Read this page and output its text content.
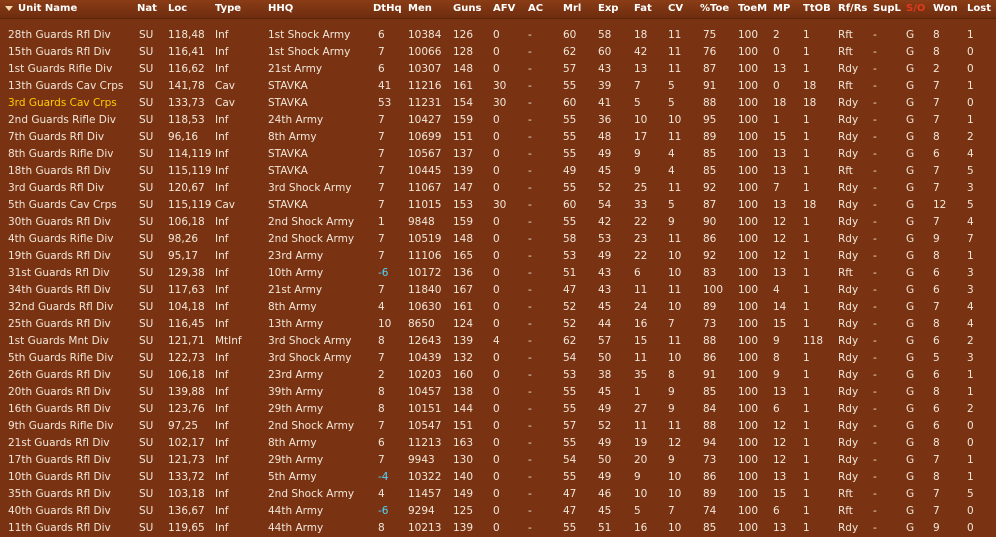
Unit Name	Nat Loc	Type	HHQ	DtHq Men Guns AFV AC Mrl Exp Fat CV %Toe ToeM MP TtOB Rf/Rs SupL S/O Won Lost
28th Guards Rfl Div	SU 118,48 Inf	1st Shock Army	6 10384 126 0	-	60 58 18 11 75 100 2 1	Rft -	G 8	1
15th Guards Rfl Div	SU 116,41 Inf	1st Shock Army	7 10066 128 0	-	62 60 42 11 76 100 0 1	Rft -	G 8	0
1st Guards Rifle Div	SU 116,62 Inf	21st Army	6 10307 148 0	-	57 43 13 11 87 100 13 1	Rdy -	G 2	0
13th Guards Cav Crps SU 141,78 Cav	STAVKA	41 11216 161 30 -	55 39 7	5	91 100 0 18 Rft -	G 7	1
3rd Guards Cav Crps SU 133,73 Cav	STAVKA	53 11231 154 30 -	60 41 5	5	88 100 18 18 Rdy -	G 7	0
2nd Guards Rifle Div SU 118,53 Inf	24th Army	7 10427 159 0	-	55 36 10 10 95 100 1 1	Rdy -	G 7	1
7th Guards Rfl Div	SU 96,16 Inf	8th Army	7 10699 151 0	-	55 48 17 11 89 100 15 1	Rdy -	G 8	2
8th Guards Rifle Div SU 114,119 Inf	STAVKA	7 10567 137 0	-	55 49 9	4	85 100 13 1	Rdy -	G 6	4
18th Guards Rfl Div	SU 115,119 Inf	STAVKA	7 10445 139 0	-	49 45 9	4	85 100 13 1	Rft -	G 7	5
3rd Guards Rfl Div	SU 120,67 Inf	3rd Shock Army	7 11067 147 0	-	55 52 25 11 92 100 7 1	Rdy -	G 7	3
5th Guards Cav Crps SU 115,119 Cav	STAVKA	7 11015 153 30 -	60 54 33 5	87 100 13 18 Rdy -	G 12 5
30th Guards Rfl Div	SU 106,18 Inf	2nd Shock Army 1 9848 159 0	-	55 42 22 9	90 100 12 1	Rdy -	G 7	4
4th Guards Rifle Div SU 98,26 Inf	2nd Shock Army 7 10519 148 0	-	58 53 23 11 86 100 12 1	Rdy -	G 9	7
19th Guards Rfl Div	SU 95,17 Inf	23rd Army	7 11106 165 0	-	53 49 22 10 92 100 12 1	Rdy -	G 8	1
31st Guards Rfl Div	SU 129,38 Inf	10th Army	-6 10172 136 0	-	51 43 6	10 83 100 13 1	Rft -	G 6	3
34th Guards Rfl Div	SU 117,63 Inf	21st Army	7 11840 167 0	-	47 43 11 11 100 100 4 1	Rdy -	G 6	3
32nd Guards Rfl Div SU 104,18 Inf	8th Army	4 10630 161 0	-	52 45 24 10 89 100 14 1	Rdy -	G 7	4
25th Guards Rfl Div	SU 116,45 Inf	13th Army	10 8650 124 0	-	52 44 16 7	73 100 15 1	Rdy -	G 8	4
1st Guards Mnt Div	SU 121,71 MtInf	3rd Shock Army	8 12643 139 4	-	62 57 15 11 88 100 9 118 Rdy -	G 6	2
5th Guards Rifle Div SU 122,73 Inf	3rd Shock Army	7 10439 132 0	-	54 50 11 10 86 100 8 1	Rdy -	G 5	3
26th Guards Rfl Div	SU 106,18 Inf	23rd Army	2 10203 160 0	-	53 38 35 8	91 100 9 1	Rdy -	G 6	1
20th Guards Rfl Div	SU 139,88 Inf	39th Army	8 10457 138 0	-	55 45 1	9	85 100 13 1	Rdy -	G 8	1
16th Guards Rfl Div	SU 123,76 Inf	29th Army	8 10151 144 0	-	55 49 27 9	84 100 6 1	Rdy -	G 6	2
9th Guards Rifle Div SU 97,25 Inf	2nd Shock Army 7 10547 151 0	-	57 52 11 11 88 100 12 1	Rdy -	G 6	0
21st Guards Rfl Div	SU 102,17 Inf	8th Army	6 11213 163 0	-	55 49 19 12 94 100 12 1	Rdy -	G 8	0
17th Guards Rfl Div	SU 121,73 Inf	29th Army	7 9943 130 0	-	54 50 20 9	73 100 12 1	Rdy -	G 7	1
10th Guards Rfl Div	SU 133,72 Inf	5th Army	-4 10322 140 0	-	55 49 9	10 86 100 13 1	Rdy -	G 8	1
35th Guards Rfl Div	SU 103,18 Inf	2nd Shock Army 4 11457 149 0	-	47 46 10 10 89 100 15 1	Rft -	G 7	5
40th Guards Rfl Div	SU 136,67 Inf	44th Army	-6 9294 125 0	-	47 45 5	7	74 100 6 1	Rft -	G 7	0
11th Guards Rfl Div	SU 119,65 Inf	44th Army	8 10213 139 0	-	55 51 16 10 85 100 13 1	Rdy -	G 9	0
